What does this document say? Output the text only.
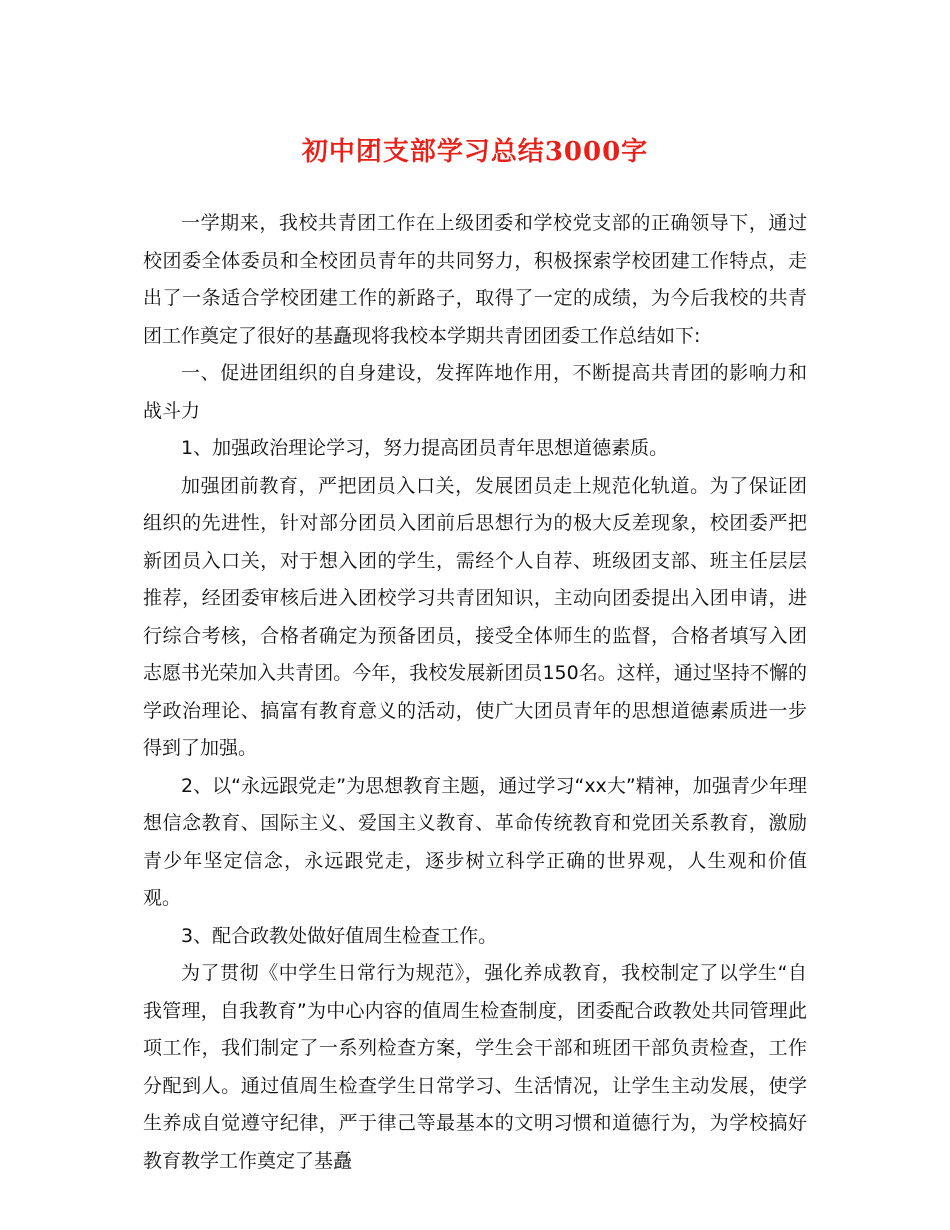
初中团支部学习总结3000字

一学期来，我校共青团工作在上级团委和学校党支部的正确领导下，通过校团委全体委员和全校团员青年的共同努力，积极探索学校团建工作特点，走出了一条适合学校团建工作的新路子，取得了一定的成绩，为今后我校的共青团工作奠定了很好的基矗现将我校本学期共青团团委工作总结如下:

一、促进团组织的自身建设，发挥阵地作用，不断提高共青团的影响力和战斗力

1、加强政治理论学习，努力提高团员青年思想道德素质。

加强团前教育，严把团员入口关，发展团员走上规范化轨道。为了保证团组织的先进性，针对部分团员入团前后思想行为的极大反差现象，校团委严把新团员入口关，对于想入团的学生，需经个人自荐、班级团支部、班主任层层推荐，经团委审核后进入团校学习共青团知识，主动向团委提出入团申请，进行综合考核，合格者确定为预备团员，接受全体师生的监督，合格者填写入团志愿书光荣加入共青团。今年，我校发展新团员150名。这样，通过坚持不懈的学政治理论、搞富有教育意义的活动，使广大团员青年的思想道德素质进一步得到了加强。

2、以“永远跟党走”为思想教育主题，通过学习“xx大”精神，加强青少年理想信念教育、国际主义、爱国主义教育、革命传统教育和党团关系教育，激励青少年坚定信念，永远跟党走，逐步树立科学正确的世界观，人生观和价值观。

3、配合政教处做好值周生检查工作。

为了贯彻《中学生日常行为规范》，强化养成教育，我校制定了以学生“自我管理，自我教育”为中心内容的值周生检查制度，团委配合政教处共同管理此项工作，我们制定了一系列检查方案，学生会干部和班团干部负责检查，工作分配到人。通过值周生检查学生日常学习、生活情况，让学生主动发展，使学生养成自觉遵守纪律，严于律己等最基本的文明习惯和道德行为，为学校搞好教育教学工作奠定了基矗
